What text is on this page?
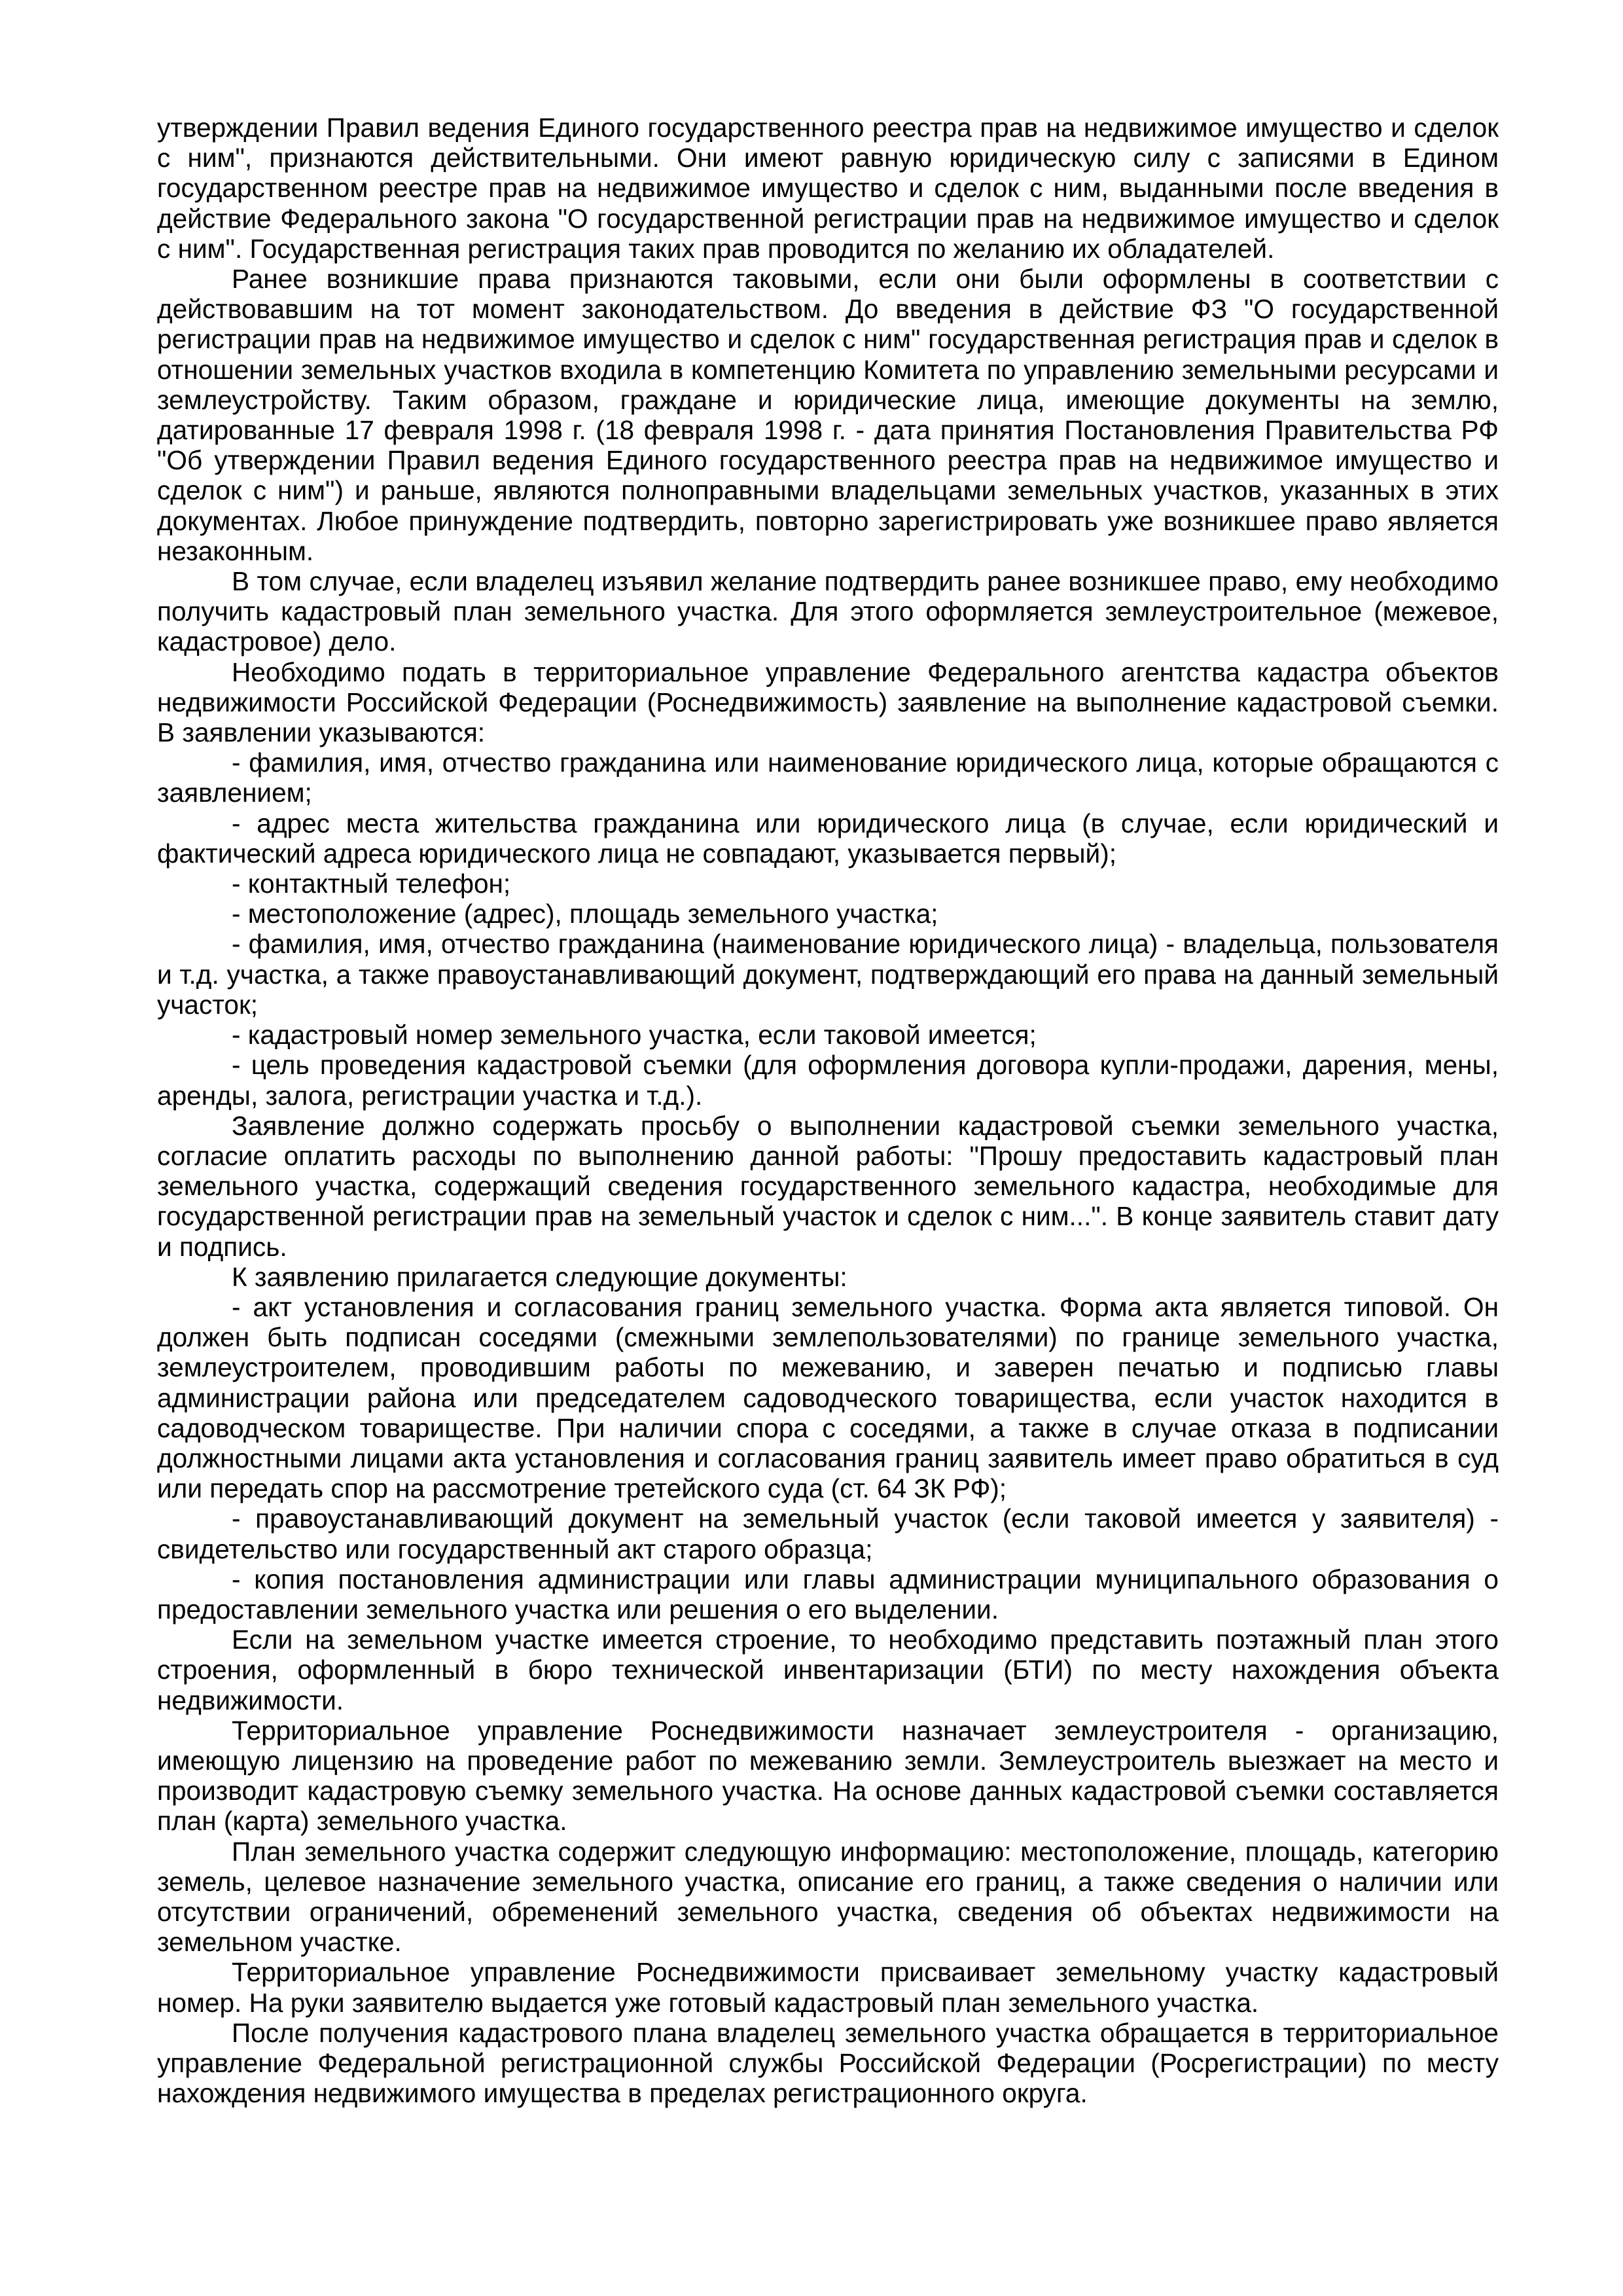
утверждении Правил ведения Единого государственного реестра прав на недвижимое имущество и сделок с ним", признаются действительными. Они имеют равную юридическую силу с записями в Едином государственном реестре прав на недвижимое имущество и сделок с ним, выданными после введения в действие Федерального закона "О государственной регистрации прав на недвижимое имущество и сделок с ним". Государственная регистрация таких прав проводится по желанию их обладателей.

Ранее возникшие права признаются таковыми, если они были оформлены в соответствии с действовавшим на тот момент законодательством. До введения в действие ФЗ "О государственной регистрации прав на недвижимое имущество и сделок с ним" государственная регистрация прав и сделок в отношении земельных участков входила в компетенцию Комитета по управлению земельными ресурсами и землеустройству. Таким образом, граждане и юридические лица, имеющие документы на землю, датированные 17 февраля 1998 г. (18 февраля 1998 г. - дата принятия Постановления Правительства РФ "Об утверждении Правил ведения Единого государственного реестра прав на недвижимое имущество и сделок с ним") и раньше, являются полноправными владельцами земельных участков, указанных в этих документах. Любое принуждение подтвердить, повторно зарегистрировать уже возникшее право является незаконным.

В том случае, если владелец изъявил желание подтвердить ранее возникшее право, ему необходимо получить кадастровый план земельного участка. Для этого оформляется землеустроительное (межевое, кадастровое) дело.

Необходимо подать в территориальное управление Федерального агентства кадастра объектов недвижимости Российской Федерации (Роснедвижимость) заявление на выполнение кадастровой съемки. В заявлении указываются:

- фамилия, имя, отчество гражданина или наименование юридического лица, которые обращаются с заявлением;

- адрес места жительства гражданина или юридического лица (в случае, если юридический и фактический адреса юридического лица не совпадают, указывается первый);

- контактный телефон;

- местоположение (адрес), площадь земельного участка;

- фамилия, имя, отчество гражданина (наименование юридического лица) - владельца, пользователя и т.д. участка, а также правоустанавливающий документ, подтверждающий его права на данный земельный участок;

- кадастровый номер земельного участка, если таковой имеется;

- цель проведения кадастровой съемки (для оформления договора купли-продажи, дарения, мены, аренды, залога, регистрации участка и т.д.).

Заявление должно содержать просьбу о выполнении кадастровой съемки земельного участка, согласие оплатить расходы по выполнению данной работы: "Прошу предоставить кадастровый план земельного участка, содержащий сведения государственного земельного кадастра, необходимые для государственной регистрации прав на земельный участок и сделок с ним...". В конце заявитель ставит дату и подпись.

К заявлению прилагается следующие документы:

- акт установления и согласования границ земельного участка. Форма акта является типовой. Он должен быть подписан соседями (смежными землепользователями) по границе земельного участка, землеустроителем, проводившим работы по межеванию, и заверен печатью и подписью главы администрации района или председателем садоводческого товарищества, если участок находится в садоводческом товариществе. При наличии спора с соседями, а также в случае отказа в подписании должностными лицами акта установления и согласования границ заявитель имеет право обратиться в суд или передать спор на рассмотрение третейского суда (ст. 64 ЗК РФ);

- правоустанавливающий документ на земельный участок (если таковой имеется у заявителя) - свидетельство или государственный акт старого образца;

- копия постановления администрации или главы администрации муниципального образования о предоставлении земельного участка или решения о его выделении.

Если на земельном участке имеется строение, то необходимо представить поэтажный план этого строения, оформленный в бюро технической инвентаризации (БТИ) по месту нахождения объекта недвижимости.

Территориальное управление Роснедвижимости назначает землеустроителя - организацию, имеющую лицензию на проведение работ по межеванию земли. Землеустроитель выезжает на место и производит кадастровую съемку земельного участка. На основе данных кадастровой съемки составляется план (карта) земельного участка.

План земельного участка содержит следующую информацию: местоположение, площадь, категорию земель, целевое назначение земельного участка, описание его границ, а также сведения о наличии или отсутствии ограничений, обременений земельного участка, сведения об объектах недвижимости на земельном участке.

Территориальное управление Роснедвижимости присваивает земельному участку кадастровый номер. На руки заявителю выдается уже готовый кадастровый план земельного участка.

После получения кадастрового плана владелец земельного участка обращается в территориальное управление Федеральной регистрационной службы Российской Федерации (Росрегистрации) по месту нахождения недвижимого имущества в пределах регистрационного округа.
